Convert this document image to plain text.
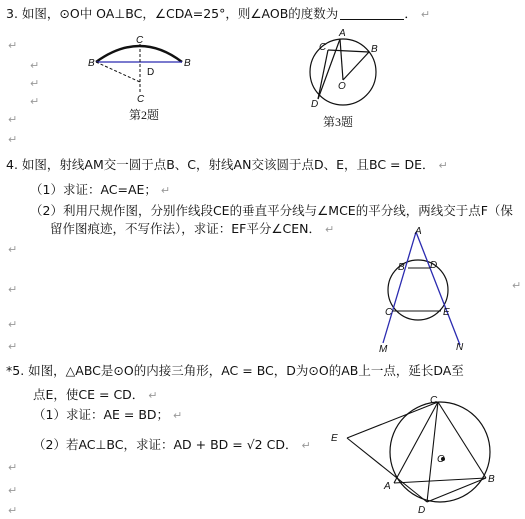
3. 如图，⊙O中 OA⊥BC，∠CDA=25°，则∠AOB的度数为	． ↵
↵
↵
↵
↵
↵
↵
C
B
D
B
C
第2题
A
C	B
O
D
第3题
4. 如图，射线AM交一圆于点B、C，射线AN交该圆于点D、E，且BC = DE． ↵
（1）求证：AC=AE； ↵
（2）利用尺规作图，分别作线段CE的垂直平分线与∠MCE的平分线，两线交于点F（保
留作图痕迹，不写作法），求证：EF平分∠CEN． ↵
↵
↵
↵
↵
↵
A
B	D
C	E
M	N
*5. 如图，△ABC是⊙O的内接三角形，AC = BC，D为⊙O的AB上一点，延长DA至
点E，使CE = CD． ↵
（1）求证：AE = BD； ↵
（2）若AC⊥BC，求证：AD + BD = √2 CD． ↵
↵
↵
↵
C
E
O
A
B
D
